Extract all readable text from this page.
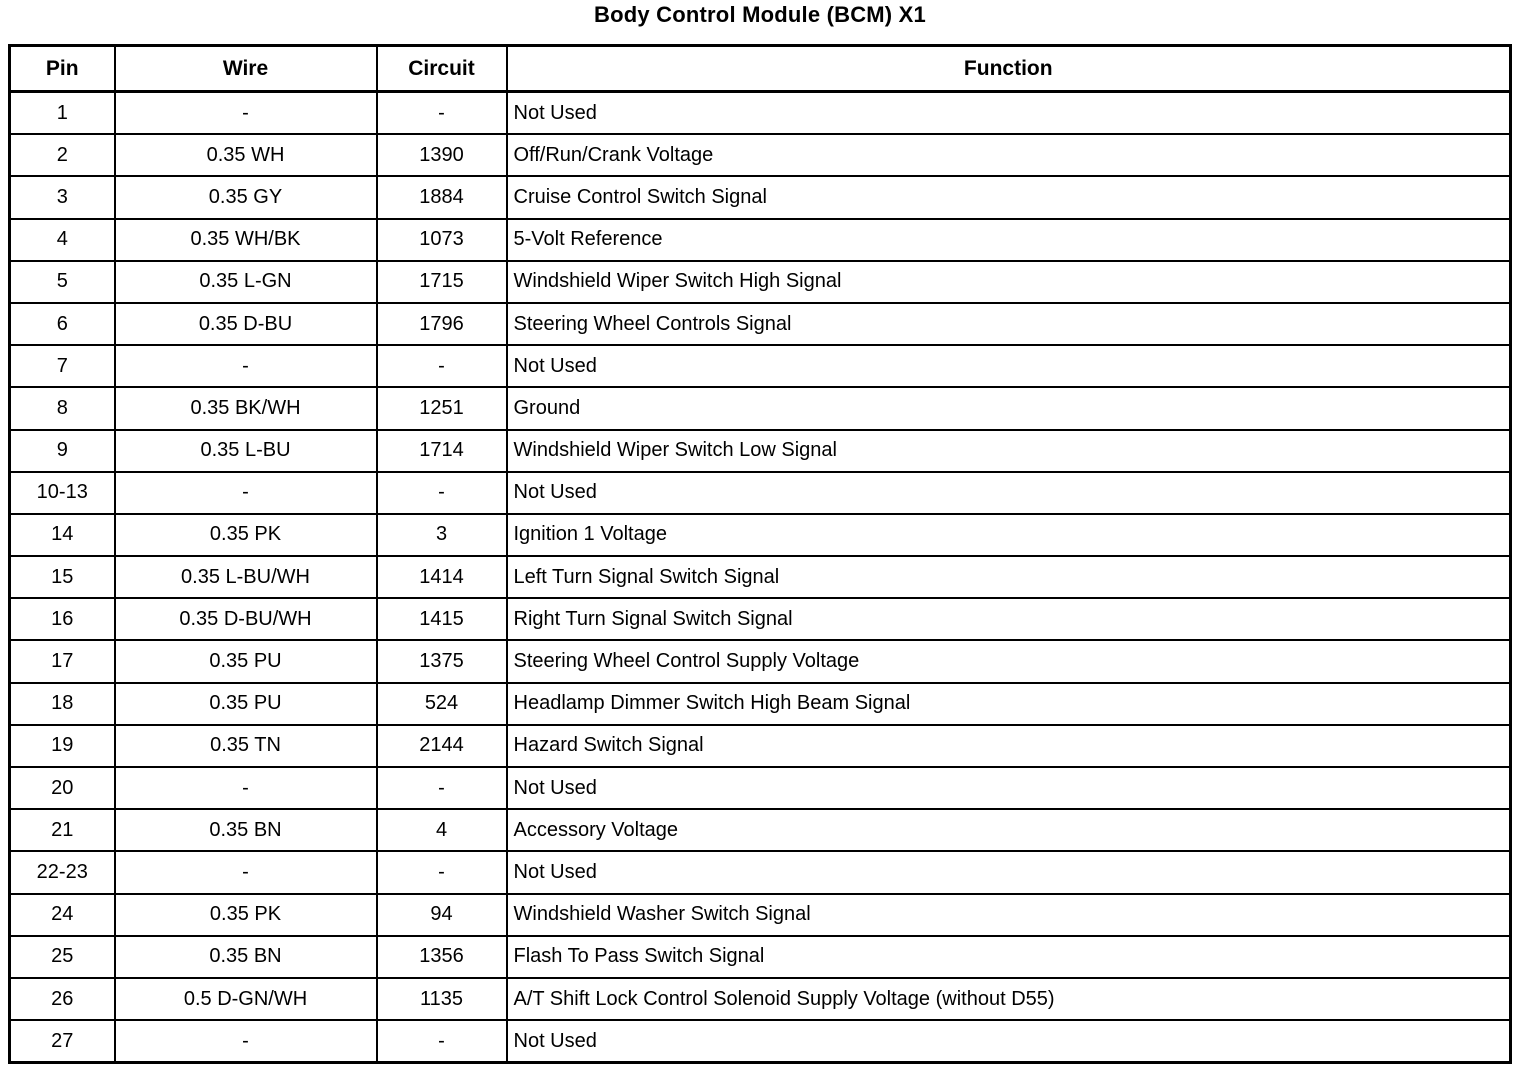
Body Control Module (BCM) X1
Pin	Wire	Circuit	Function
1	-	-	Not Used
2	0.35 WH	1390	Off/Run/Crank Voltage
3	0.35 GY	1884	Cruise Control Switch Signal
4	0.35 WH/BK	1073	5-Volt Reference
5	0.35 L-GN	1715	Windshield Wiper Switch High Signal
6	0.35 D-BU	1796	Steering Wheel Controls Signal
7	-	-	Not Used
8	0.35 BK/WH	1251	Ground
9	0.35 L-BU	1714	Windshield Wiper Switch Low Signal
10-13	-	-	Not Used
14	0.35 PK	3	Ignition 1 Voltage
15	0.35 L-BU/WH	1414	Left Turn Signal Switch Signal
16	0.35 D-BU/WH	1415	Right Turn Signal Switch Signal
17	0.35 PU	1375	Steering Wheel Control Supply Voltage
18	0.35 PU	524	Headlamp Dimmer Switch High Beam Signal
19	0.35 TN	2144	Hazard Switch Signal
20	-	-	Not Used
21	0.35 BN	4	Accessory Voltage
22-23	-	-	Not Used
24	0.35 PK	94	Windshield Washer Switch Signal
25	0.35 BN	1356	Flash To Pass Switch Signal
26	0.5 D-GN/WH	1135	A/T Shift Lock Control Solenoid Supply Voltage (without D55)
27	-	-	Not Used
